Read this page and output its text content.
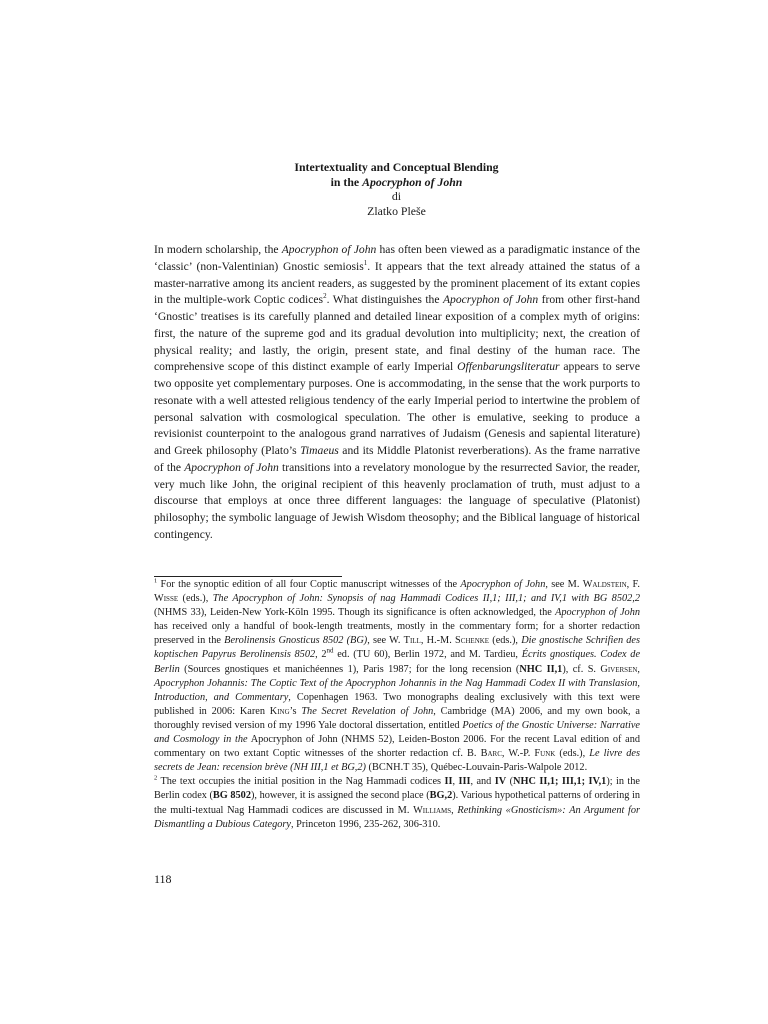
Intertextuality and Conceptual Blending
in the Apocryphon of John
di
Zlatko Pleše

In modern scholarship, the Apocryphon of John has often been viewed as a paradigmatic instance of the ‘classic’ (non-Valentinian) Gnostic semiosis$^1$. It appears that the text already attained the status of a master-narrative among its ancient readers, as suggested by the prominent placement of its extant copies in the multiple-work Coptic codices$^2$. What distinguishes the Apocryphon of John from other first-hand ‘Gnostic’ treatises is its carefully planned and detailed linear exposition of a complex myth of origins: first, the nature of the supreme god and its gradual devolution into multiplicity; next, the creation of physical reality; and lastly, the origin, present state, and final destiny of the human race. The comprehensive scope of this distinct example of early Imperial Offenbarungsliteratur appears to serve two opposite yet complementary purposes. One is accommodating, in the sense that the work purports to resonate with a well attested religious tendency of the early Imperial period to intertwine the problem of personal salvation with cosmological speculation. The other is emulative, seeking to produce a revisionist counterpoint to the analogous grand narratives of Judaism (Genesis and sapiental literature) and Greek philosophy (Plato’s Timaeus and its Middle Platonist reverberations). As the frame narrative of the Apocryphon of John transitions into a revelatory monologue by the resurrected Savior, the reader, very much like John, the original recipient of this heavenly proclamation of truth, must adjust to a discourse that employs at once three different languages: the language of speculative (Platonist) philosophy; the symbolic language of Jewish Wisdom theosophy; and the Biblical language of historical contingency.

$^1$ For the synoptic edition of all four Coptic manuscript witnesses of the Apocryphon of John, see M. Waldstein, F. Wisse (eds.), The Apocryphon of John: Synopsis of nag Hammadi Codices II,1; III,1; and IV,1 with BG 8502,2 (NHMS 33), Leiden-New York-Köln 1995. Though its significance is often acknowledged, the Apocryphon of John has received only a handful of book-length treatments, mostly in the commentary form; for a shorter redaction preserved in the Berolinensis Gnosticus 8502 (BG), see W. Till, H.-M. Schenke (eds.), Die gnostische Schrifien des koptischen Papyrus Berolinensis 8502, 2nd ed. (TU 60), Berlin 1972, and M. Tardieu, Écrits gnostiques. Codex de Berlin (Sources gnostiques et manichéennes 1), Paris 1987; for the long recension (NHC II,1), cf. S. Giversen, Apocryphon Johannis: The Coptic Text of the Apocryphon Johannis in the Nag Hammadi Codex II with Translasion, Introduction, and Commentary, Copenhagen 1963. Two monographs dealing exclusively with this text were published in 2006: Karen King’s The Secret Revelation of John, Cambridge (MA) 2006, and my own book, a thoroughly revised version of my 1996 Yale doctoral dissertation, entitled Poetics of the Gnostic Universe: Narrative and Cosmology in the Apocryphon of John (NHMS 52), Leiden-Boston 2006. For the recent Laval edition of and commentary on two extant Coptic witnesses of the shorter redaction cf. B. Barc, W.-P. Funk (eds.), Le livre des secrets de Jean: recension brève (NH III,1 et BG,2) (BCNH.T 35), Québec-Louvain-Paris-Walpole 2012.

$^2$ The text occupies the initial position in the Nag Hammadi codices II, III, and IV (NHC II,1; III,1; IV,1); in the Berlin codex (BG 8502), however, it is assigned the second place (BG,2). Various hypothetical patterns of ordering in the multi-textual Nag Hammadi codices are discussed in M. Williams, Rethinking «Gnosticism»: An Argument for Dismantling a Dubious Category, Princeton 1996, 235-262, 306-310.

118
